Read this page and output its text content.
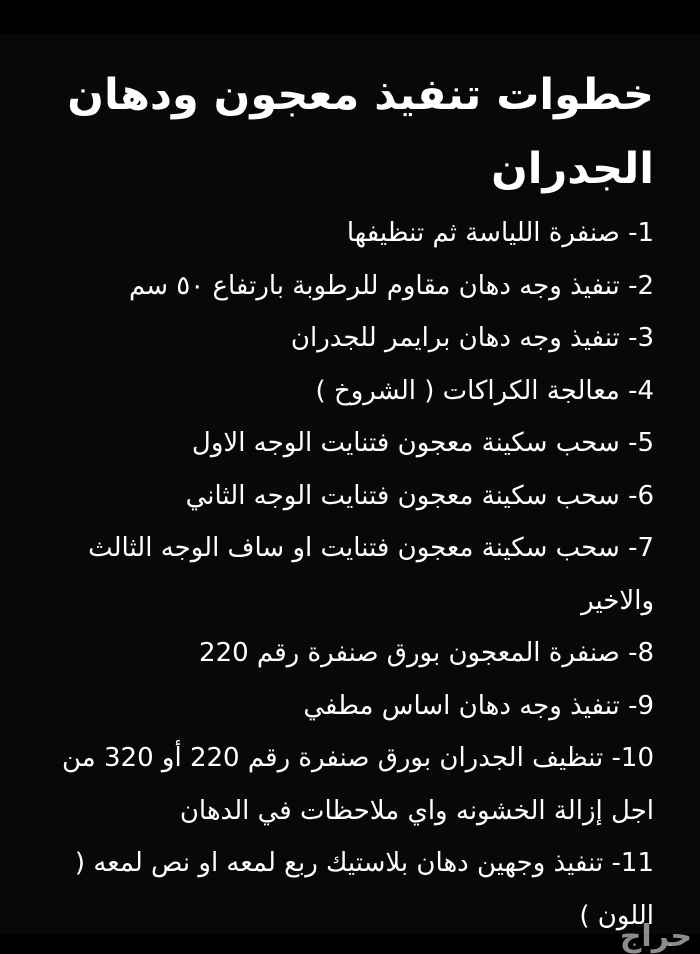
خطوات تنفيذ معجون ودهان الجدران
1- صنفرة اللياسة ثم تنظيفها
2- تنفيذ وجه دهان مقاوم للرطوبة بارتفاع ٥٠ سم
3- تنفيذ وجه دهان برايمر للجدران
4- معالجة الكراكات ( الشروخ )
5- سحب سكينة معجون فتنايت الوجه الاول
6- سحب سكينة معجون فتنايت الوجه الثاني
7- سحب سكينة معجون فتنايت او ساف الوجه الثالث والاخير
8- صنفرة المعجون بورق صنفرة رقم 220
9- تنفيذ وجه دهان اساس مطفي
10- تنظيف الجدران بورق صنفرة رقم 220 أو 320 من اجل إزالة الخشونه واي ملاحظات في الدهان
11- تنفيذ وجهين دهان بلاستيك ربع لمعه او نص لمعه ( اللون )
حراج
